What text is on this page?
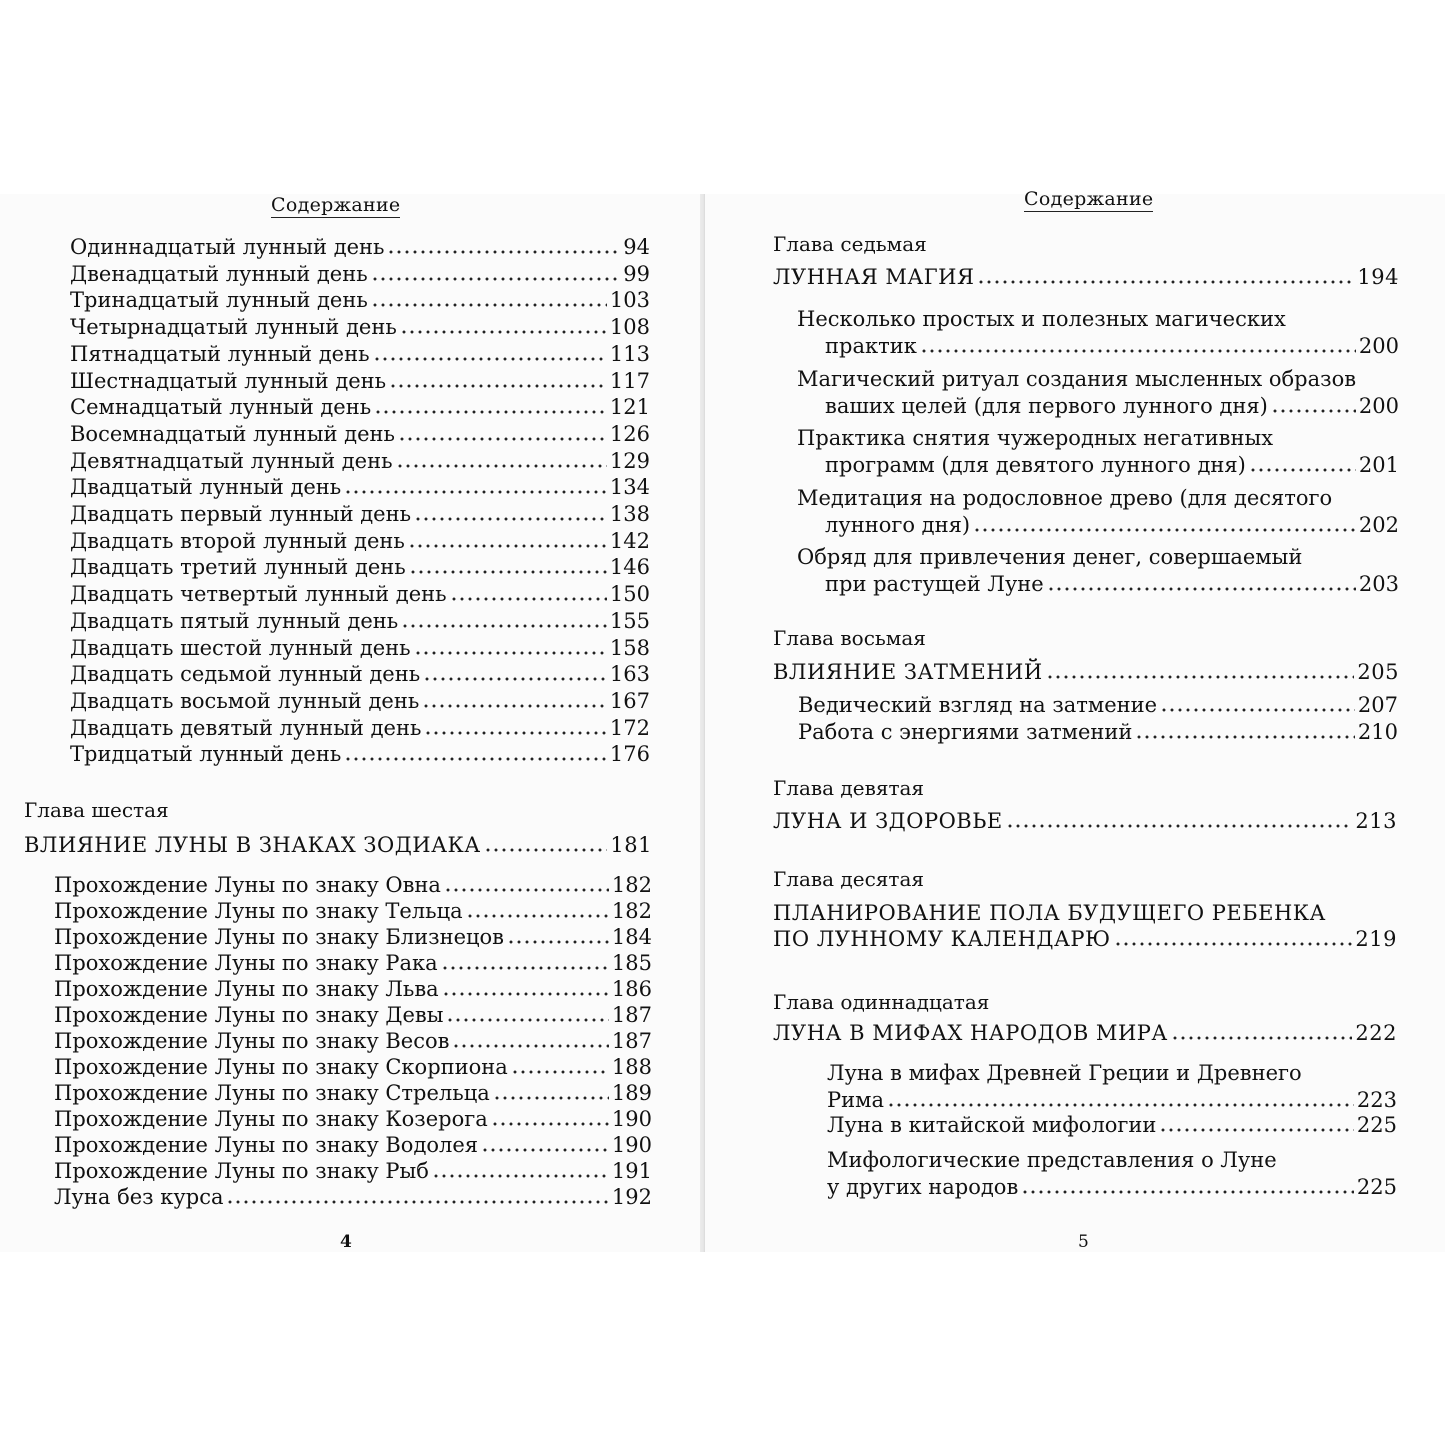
Содержание
Одиннадцатый лунный день	94
Двенадцатый лунный день	99
Тринадцатый лунный день	103
Четырнадцатый лунный день	108
Пятнадцатый лунный день	113
Шестнадцатый лунный день	117
Семнадцатый лунный день	121
Восемнадцатый лунный день	126
Девятнадцатый лунный день	129
Двадцатый лунный день	134
Двадцать первый лунный день	138
Двадцать второй лунный день	142
Двадцать третий лунный день	146
Двадцать четвертый лунный день	150
Двадцать пятый лунный день	155
Двадцать шестой лунный день	158
Двадцать седьмой лунный день	163
Двадцать восьмой лунный день	167
Двадцать девятый лунный день	172
Тридцатый лунный день	176
Глава шестая
ВЛИЯНИЕ ЛУНЫ В ЗНАКАХ ЗОДИАКА	181
Прохождение Луны по знаку Овна	182
Прохождение Луны по знаку Тельца	182
Прохождение Луны по знаку Близнецов	184
Прохождение Луны по знаку Рака	185
Прохождение Луны по знаку Льва	186
Прохождение Луны по знаку Девы	187
Прохождение Луны по знаку Весов	187
Прохождение Луны по знаку Скорпиона	188
Прохождение Луны по знаку Стрельца	189
Прохождение Луны по знаку Козерога	190
Прохождение Луны по знаку Водолея	190
Прохождение Луны по знаку Рыб	191
Луна без курса	192
4
Содержание
Глава седьмая
ЛУННАЯ МАГИЯ	194
Несколько простых и полезных магических
практик	200
Магический ритуал создания мысленных образов
ваших целей (для первого лунного дня)	200
Практика снятия чужеродных негативных
программ (для девятого лунного дня)	201
Медитация на родословное древо (для десятого
лунного дня)	202
Обряд для привлечения денег, совершаемый
при растущей Луне	203
Глава восьмая
ВЛИЯНИЕ ЗАТМЕНИЙ	205
Ведический взгляд на затмение	207
Работа с энергиями затмений	210
Глава девятая
ЛУНА И ЗДОРОВЬЕ	213
Глава десятая
ПЛАНИРОВАНИЕ ПОЛА БУДУЩЕГО РЕБЕНКА
ПО ЛУННОМУ КАЛЕНДАРЮ	219
Глава одиннадцатая
ЛУНА В МИФАХ НАРОДОВ МИРА	222
Луна в мифах Древней Греции и Древнего
Рима	223
Луна в китайской мифологии	225
Мифологические представления о Луне
у других народов	225
5
